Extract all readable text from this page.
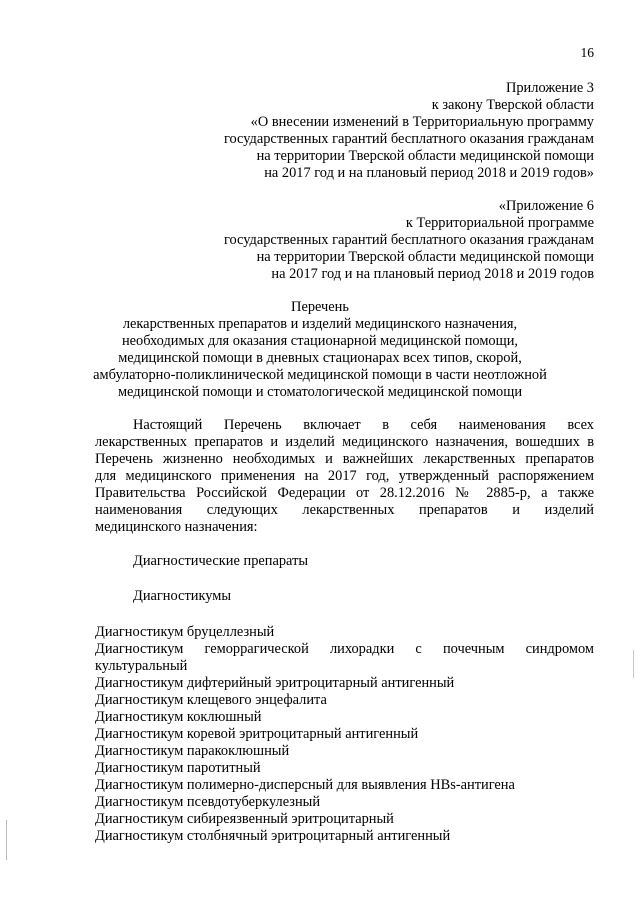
16
Приложение 3
к закону Тверской области
«О внесении изменений в Территориальную программу
государственных гарантий бесплатного оказания гражданам
на территории Тверской области медицинской помощи
на 2017 год и на плановый период 2018 и 2019 годов»
«Приложение 6
к Территориальной программе
государственных гарантий бесплатного оказания гражданам
на территории Тверской области медицинской помощи
на 2017 год и на плановый период 2018 и 2019 годов
Перечень
лекарственных препаратов и изделий медицинского назначения,
необходимых для оказания стационарной медицинской помощи,
медицинской помощи в дневных стационарах всех типов, скорой,
амбулаторно-поликлинической медицинской помощи в части неотложной
медицинской помощи и стоматологической медицинской помощи
Настоящий Перечень включает в себя наименования всех
лекарственных препаратов и изделий медицинского назначения, вошедших в
Перечень жизненно необходимых и важнейших лекарственных препаратов
для медицинского применения на 2017 год, утвержденный распоряжением
Правительства Российской Федерации от 28.12.2016 № 2885-р, а также
наименования следующих лекарственных препаратов и изделий
медицинского назначения:
Диагностические препараты
Диагностикумы
Диагностикум бруцеллезный
Диагностикум геморрагической лихорадки с почечным синдромом
культуральный
Диагностикум дифтерийный эритроцитарный антигенный
Диагностикум клещевого энцефалита
Диагностикум коклюшный
Диагностикум коревой эритроцитарный антигенный
Диагностикум паракоклюшный
Диагностикум паротитный
Диагностикум полимерно-дисперсный для выявления HBs-антигена
Диагностикум псевдотуберкулезный
Диагностикум сибиреязвенный эритроцитарный
Диагностикум столбнячный эритроцитарный антигенный
